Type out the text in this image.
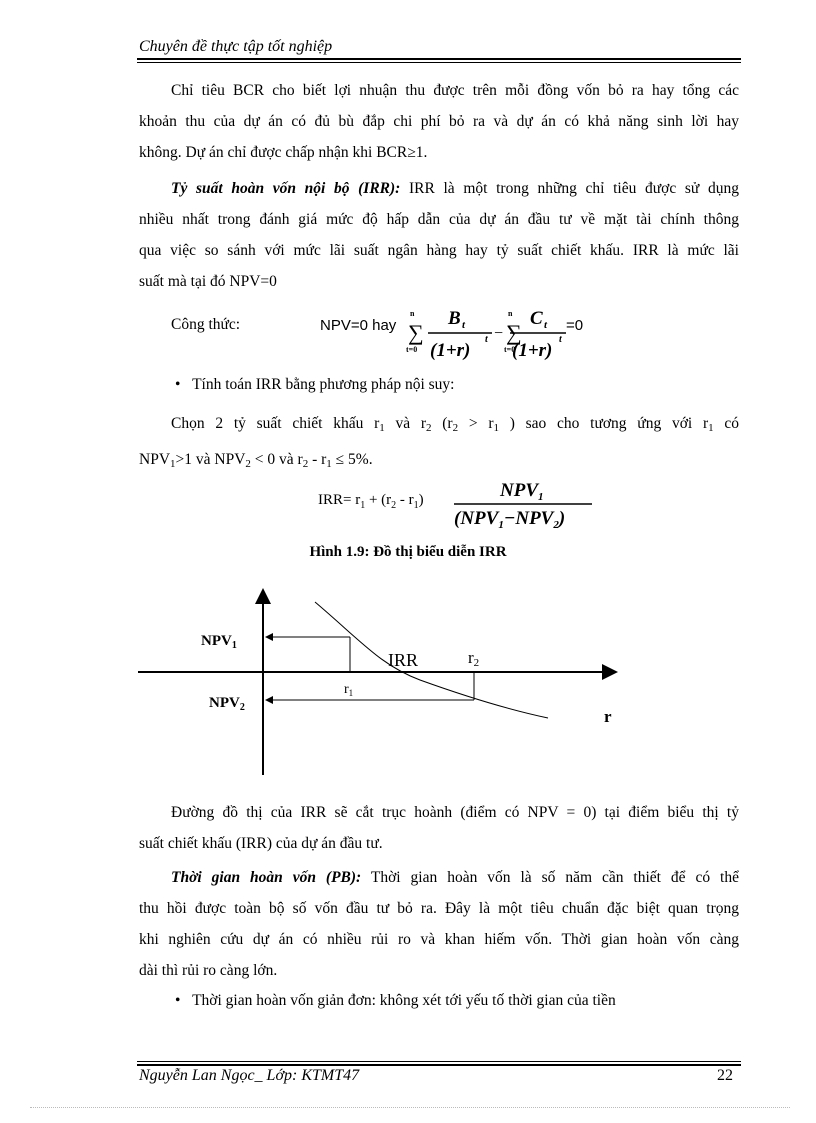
Chuyên đề thực tập tốt nghiệp
Chỉ tiêu BCR cho biết lợi nhuận thu được trên mỗi đồng vốn bỏ ra hay tổng các
khoản thu của dự án có đủ bù đắp chi phí bỏ ra và dự án có khả năng sinh lời hay
không. Dự án chỉ được chấp nhận khi BCR≥1.
Tỷ suất hoàn vốn nội bộ (IRR): IRR là một trong những chỉ tiêu được sử dụng
nhiều nhất trong đánh giá mức độ hấp dẫn của dự án đầu tư về mặt tài chính thông
qua việc so sánh với mức lãi suất ngân hàng hay tỷ suất chiết khấu. IRR là mức lãi
suất mà tại đó NPV=0
Công thức:	NPV=0 hay
n
∑
t=0
B t
(1+r)
t −
n
∑
t=0
C t
(1+r)
t
=0
• Tính toán IRR bằng phương pháp nội suy:
Chọn 2 tỷ suất chiết khấu $r_1$ và $r_2$ ($r_2 > r_1$ ) sao cho tương ứng với $r_1$ có
$NPV_1>1$ và $NPV_2 < 0$ và $r_2 - r_1 \le 5\%$.
$IRR= r_1 + (r_2 - r_1)$	$NPV_1$
$(NPV_1-NPV_2)$
Hình 1.9: Đồ thị biểu diễn IRR
$NPV_1$
$NPV_2$
IRR	r2
$r_1$
r
Đường đồ thị của IRR sẽ cắt trục hoành (điểm có NPV = 0) tại điểm biểu thị tỷ
suất chiết khấu (IRR) của dự án đầu tư.
Thời gian hoàn vốn (PB): Thời gian hoàn vốn là số năm cần thiết để có thể
thu hồi được toàn bộ số vốn đầu tư bỏ ra. Đây là một tiêu chuẩn đặc biệt quan trọng
khi nghiên cứu dự án có nhiều rủi ro và khan hiếm vốn. Thời gian hoàn vốn càng
dài thì rủi ro càng lớn.
• Thời gian hoàn vốn giản đơn: không xét tới yếu tố thời gian của tiền
Nguyễn Lan Ngọc_ Lớp: KTMT47	22
